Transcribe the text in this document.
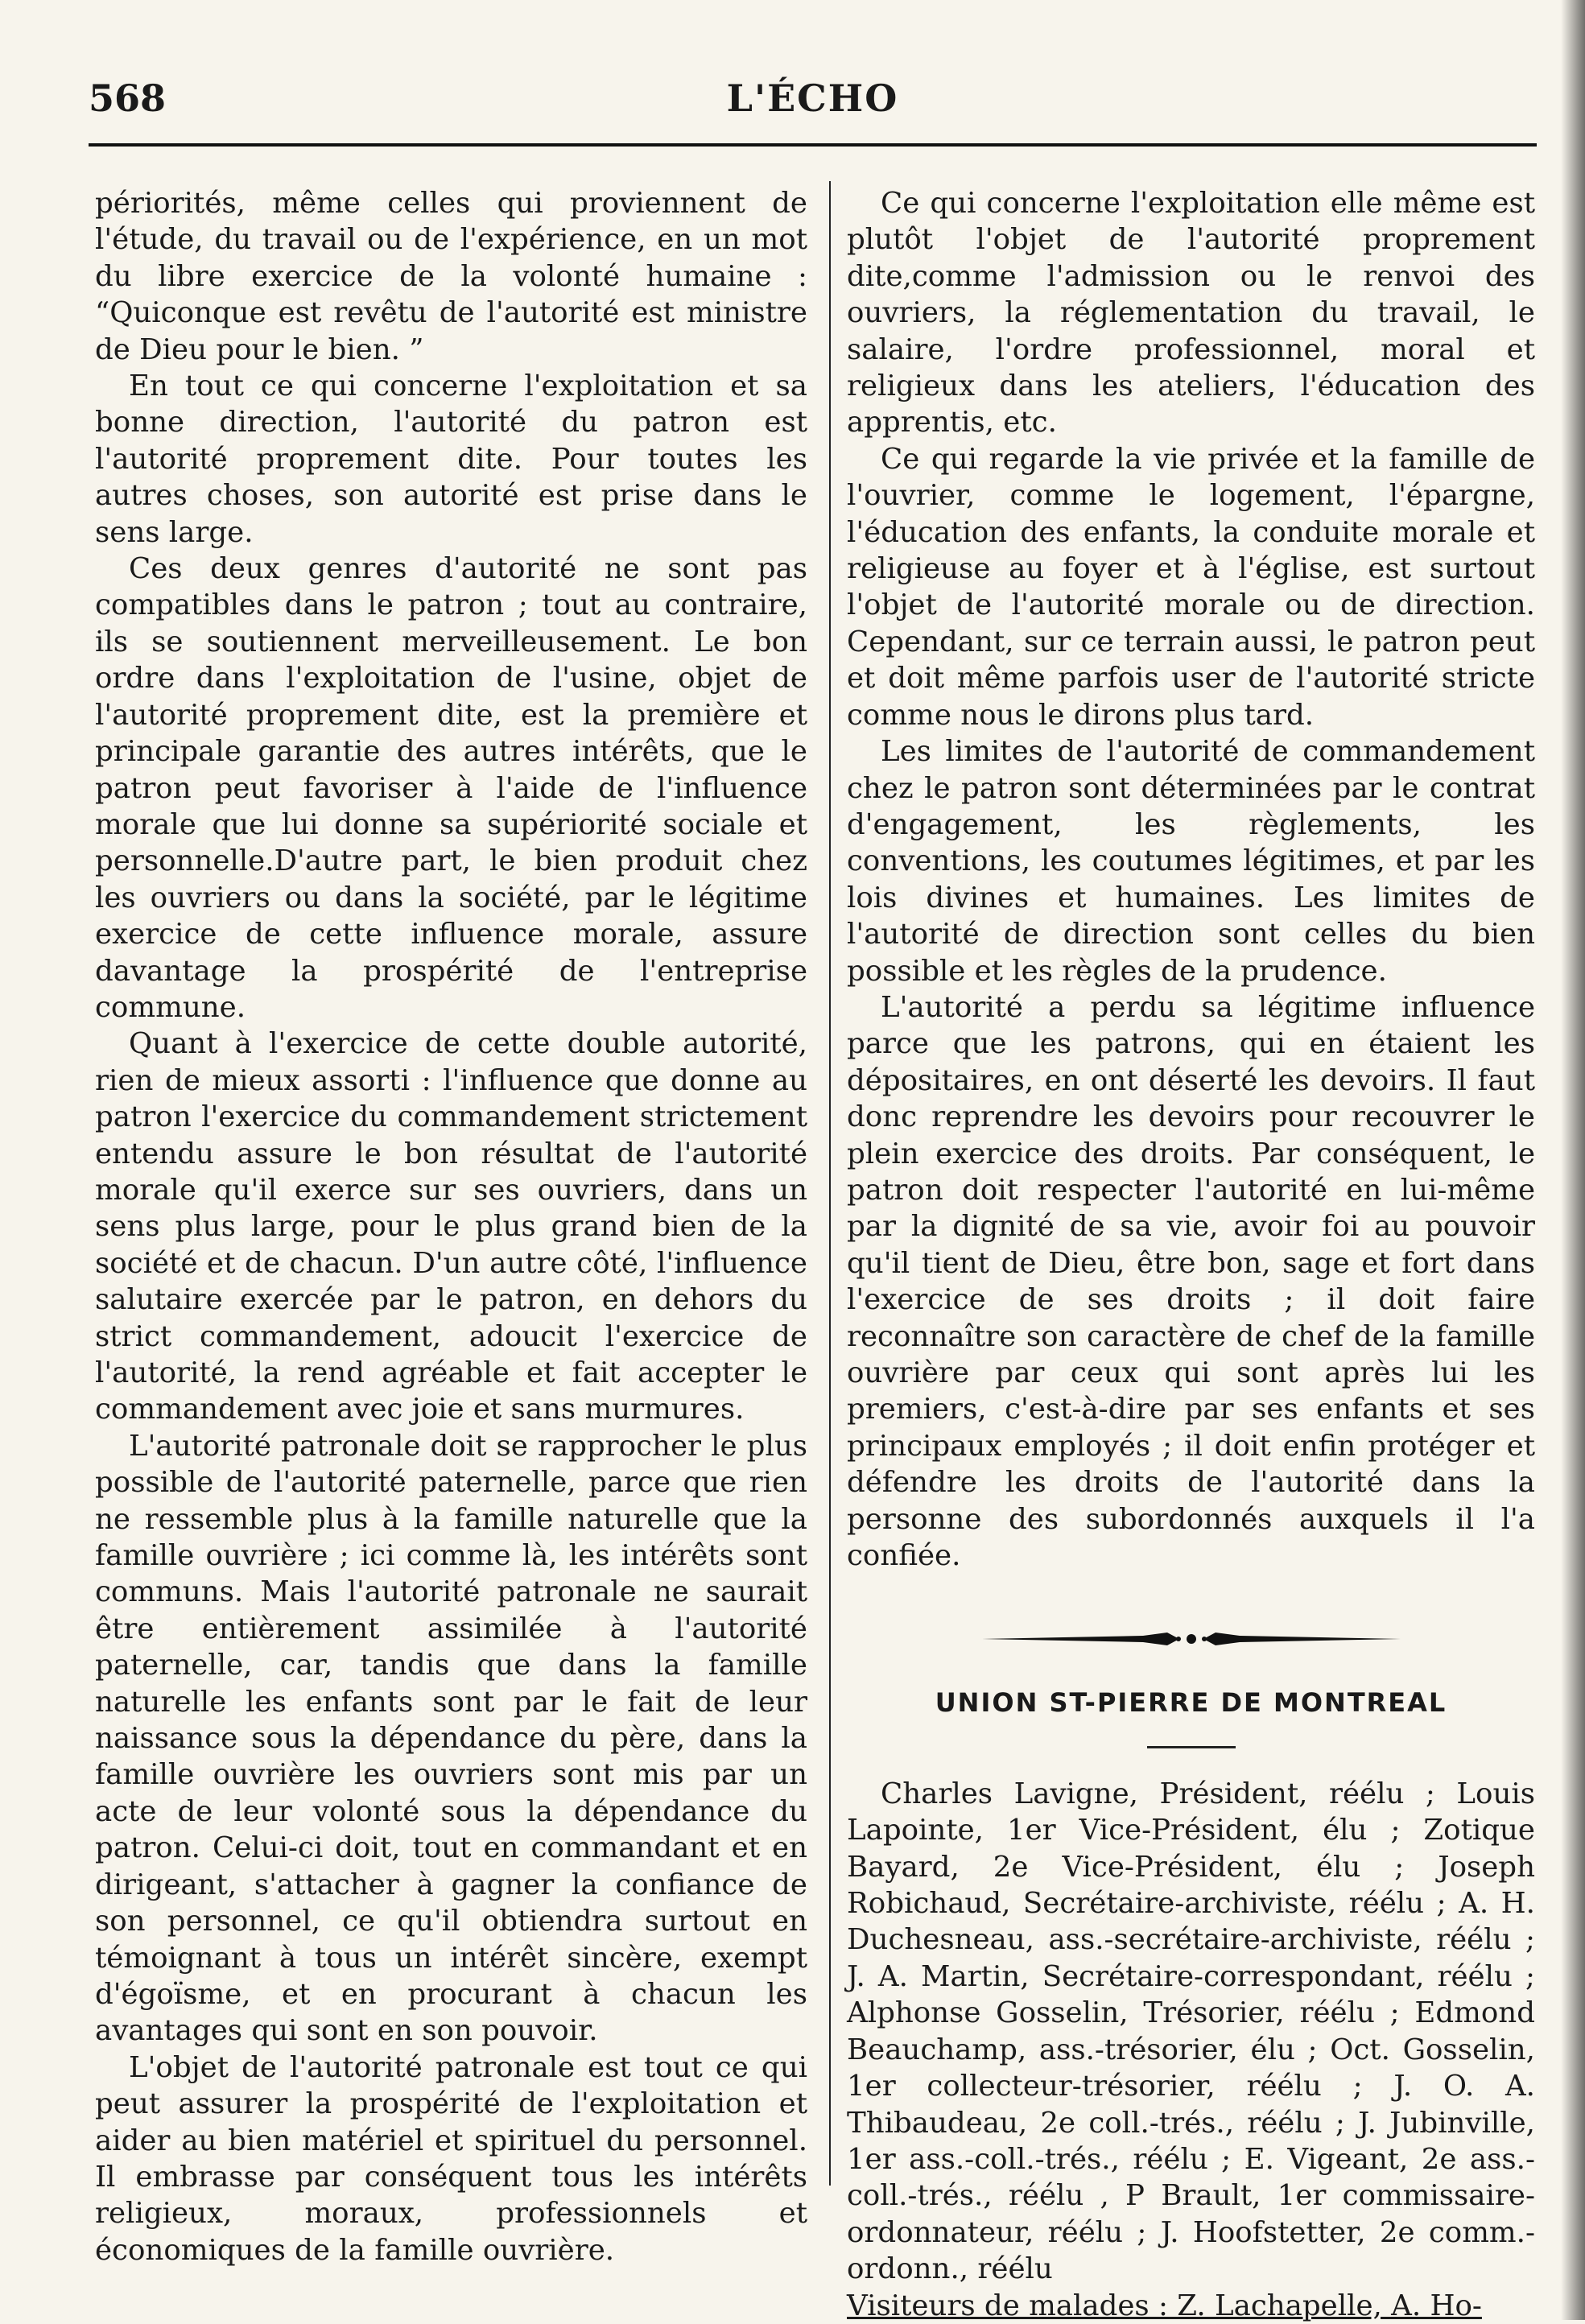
568	L'ÉCHO

périorités, même celles qui proviennent de l'étude, du travail ou de l'expérience, en un mot du libre exercice de la volonté humaine : “Quiconque est revêtu de l'autorité est ministre de Dieu pour le bien. ”

En tout ce qui concerne l'exploitation et sa bonne direction, l'autorité du patron est l'autorité proprement dite. Pour toutes les autres choses, son autorité est prise dans le sens large.

Ces deux genres d'autorité ne sont pas compatibles dans le patron ; tout au contraire, ils se soutiennent merveilleusement. Le bon ordre dans l'exploitation de l'usine, objet de l'autorité proprement dite, est la première et principale garantie des autres intérêts, que le patron peut favoriser à l'aide de l'influence morale que lui donne sa supériorité sociale et personnelle.D'autre part, le bien produit chez les ouvriers ou dans la société, par le légitime exercice de cette influence morale, assure davantage la prospérité de l'entreprise commune.

Quant à l'exercice de cette double autorité, rien de mieux assorti : l'influence que donne au patron l'exercice du commandement strictement entendu assure le bon résultat de l'autorité morale qu'il exerce sur ses ouvriers, dans un sens plus large, pour le plus grand bien de la société et de chacun. D'un autre côté, l'influence salutaire exercée par le patron, en dehors du strict commandement, adoucit l'exercice de l'autorité, la rend agréable et fait accepter le commandement avec joie et sans murmures.

L'autorité patronale doit se rapprocher le plus possible de l'autorité paternelle, parce que rien ne ressemble plus à la famille naturelle que la famille ouvrière ; ici comme là, les intérêts sont communs. Mais l'autorité patronale ne saurait être entièrement assimilée à l'autorité paternelle, car, tandis que dans la famille naturelle les enfants sont par le fait de leur naissance sous la dépendance du père, dans la famille ouvrière les ouvriers sont mis par un acte de leur volonté sous la dépendance du patron. Celui-ci doit, tout en commandant et en dirigeant, s'attacher à gagner la confiance de son personnel, ce qu'il obtiendra surtout en témoignant à tous un intérêt sincère, exempt d'égoïsme, et en procurant à chacun les avantages qui sont en son pouvoir.

L'objet de l'autorité patronale est tout ce qui peut assurer la prospérité de l'exploitation et aider au bien matériel et spirituel du personnel. Il embrasse par conséquent tous les intérêts religieux, moraux, professionnels et économiques de la famille ouvrière.

Ce qui concerne l'exploitation elle même est plutôt l'objet de l'autorité proprement dite,comme l'admission ou le renvoi des ouvriers, la réglementation du travail, le salaire, l'ordre professionnel, moral et religieux dans les ateliers, l'éducation des apprentis, etc.

Ce qui regarde la vie privée et la famille de l'ouvrier, comme le logement, l'épargne, l'éducation des enfants, la conduite morale et religieuse au foyer et à l'église, est surtout l'objet de l'autorité morale ou de direction. Cependant, sur ce terrain aussi, le patron peut et doit même parfois user de l'autorité stricte comme nous le dirons plus tard.

Les limites de l'autorité de commandement chez le patron sont déterminées par le contrat d'engagement, les règlements, les conventions, les coutumes légitimes, et par les lois divines et humaines. Les limites de l'autorité de direction sont celles du bien possible et les règles de la prudence.

L'autorité a perdu sa légitime influence parce que les patrons, qui en étaient les dépositaires, en ont déserté les devoirs. Il faut donc reprendre les devoirs pour recouvrer le plein exercice des droits. Par conséquent, le patron doit respecter l'autorité en lui-même par la dignité de sa vie, avoir foi au pouvoir qu'il tient de Dieu, être bon, sage et fort dans l'exercice de ses droits ; il doit faire reconnaître son caractère de chef de la famille ouvrière par ceux qui sont après lui les premiers, c'est-à-dire par ses enfants et ses principaux employés ; il doit enfin protéger et défendre les droits de l'autorité dans la personne des subordonnés auxquels il l'a confiée.

UNION ST-PIERRE DE MONTREAL

Charles Lavigne, Président, réélu ; Louis Lapointe, 1er Vice-Président, élu ; Zotique Bayard, 2e Vice-Président, élu ; Joseph Robichaud, Secrétaire-archiviste, réélu ; A. H. Duchesneau, ass.-secrétaire-archiviste, réélu ; J. A. Martin, Secrétaire-correspondant, réélu ; Alphonse Gosselin, Trésorier, réélu ; Edmond Beauchamp, ass.-trésorier, élu ; Oct. Gosselin, 1er collecteur-trésorier, réélu ; J. O. A. Thibaudeau, 2e coll.-trés., réélu ; J. Jubinville, 1er ass.-coll.-trés., réélu ; E. Vigeant, 2e ass.-coll.-trés., réélu , P Brault, 1er commissaire-ordonnateur, réélu ; J. Hoofstetter, 2e comm.-ordonn., réélu

Visiteurs de malades : Z. Lachapelle, A. Ho-
